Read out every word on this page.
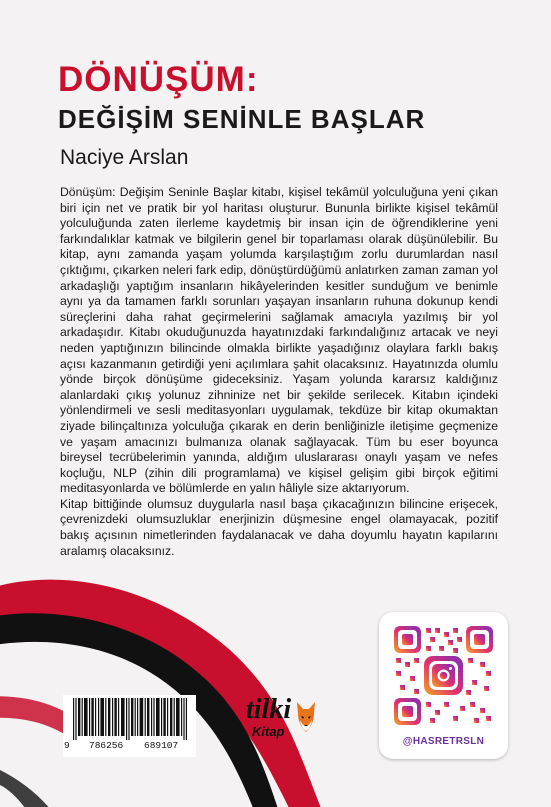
DÖNÜŞÜM:
DEĞİŞİM SENİNLE BAŞLAR
Naciye Arslan

Dönüşüm: Değişim Seninle Başlar kitabı, kişisel tekâmül yolculuğuna yeni çıkan biri için net ve pratik bir yol haritası oluşturur. Bununla birlikte kişisel tekâmül yolculuğunda zaten ilerleme kaydetmiş bir insan için de öğrendiklerine yeni farkındalıklar katmak ve bilgilerin genel bir toparlaması olarak düşünülebilir. Bu kitap, aynı zamanda yaşam yolumda karşılaştığım zorlu durumlardan nasıl çıktığımı, çıkarken neleri fark edip, dönüştürdüğümü anlatırken zaman zaman yol arkadaşlığı yaptığım insanların hikâyelerinden kesitler sunduğum ve benimle aynı ya da tamamen farklı sorunları yaşayan insanların ruhuna dokunup kendi süreçlerini daha rahat geçirmelerini sağlamak amacıyla yazılmış bir yol arkadaşıdır. Kitabı okuduğunuzda hayatınızdaki farkındalığınız artacak ve neyi neden yaptığınızın bilincinde olmakla birlikte yaşadığınız olaylara farklı bakış açısı kazanmanın getirdiği yeni açılımlara şahit olacaksınız. Hayatınızda olumlu yönde birçok dönüşüme gideceksiniz. Yaşam yolunda kararsız kaldığınız alanlardaki çıkış yolunuz zihninize net bir şekilde serilecek. Kitabın içindeki yönlendirmeli ve sesli meditasyonları uygulamak, tekdüze bir kitap okumaktan ziyade bilinçaltınıza yolculuğa çıkarak en derin benliğinizle iletişime geçmenize ve yaşam amacınızı bulmanıza olanak sağlayacak. Tüm bu eser boyunca bireysel tecrübelerimin yanında, aldığım uluslararası onaylı yaşam ve nefes koçluğu, NLP (zihin dili programlama) ve kişisel gelişim gibi birçok eğitimi meditasyonlarda ve bölümlerde en yalın hâliyle size aktarıyorum.

Kitap bittiğinde olumsuz duygularla nasıl başa çıkacağınızın bilincine erişecek, çevrenizdeki olumsuzluklar enerjinizin düşmesine engel olamayacak, pozitif bakış açısının nimetlerinden faydalanacak ve daha doyumlu hayatın kapılarını aralamış olacaksınız.

@HASRETRSLN
9 786256 689107
tilki
Kitap
